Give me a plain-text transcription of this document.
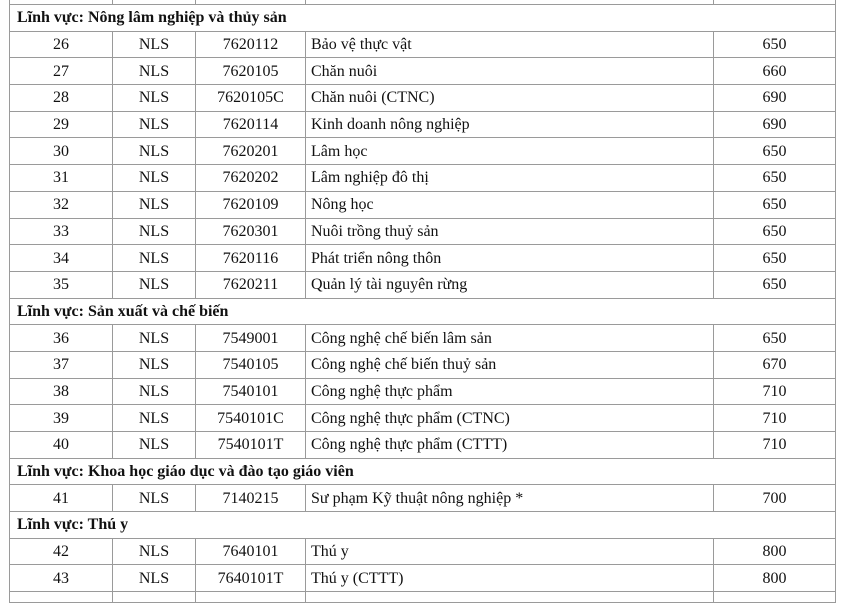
Lĩnh vực: Nông lâm nghiệp và thủy sản				
26	NLS	7620112	Bảo vệ thực vật	650
27	NLS	7620105	Chăn nuôi	660
28	NLS	7620105C	Chăn nuôi (CTNC)	690
29	NLS	7620114	Kinh doanh nông nghiệp	690
30	NLS	7620201	Lâm học	650
31	NLS	7620202	Lâm nghiệp đô thị	650
32	NLS	7620109	Nông học	650
33	NLS	7620301	Nuôi trồng thuỷ sản	650
34	NLS	7620116	Phát triển nông thôn	650
35	NLS	7620211	Quản lý tài nguyên rừng	650
Lĩnh vực: Sản xuất và chế biến				
36	NLS	7549001	Công nghệ chế biến lâm sản	650
37	NLS	7540105	Công nghệ chế biến thuỷ sản	670
38	NLS	7540101	Công nghệ thực phẩm	710
39	NLS	7540101C	Công nghệ thực phẩm (CTNC)	710
40	NLS	7540101T	Công nghệ thực phẩm (CTTT)	710
Lĩnh vực: Khoa học giáo dục và đào tạo giáo viên				
41	NLS	7140215	Sư phạm Kỹ thuật nông nghiệp *	700
Lĩnh vực: Thú y				
42	NLS	7640101	Thú y	800
43	NLS	7640101T	Thú y (CTTT)	800
